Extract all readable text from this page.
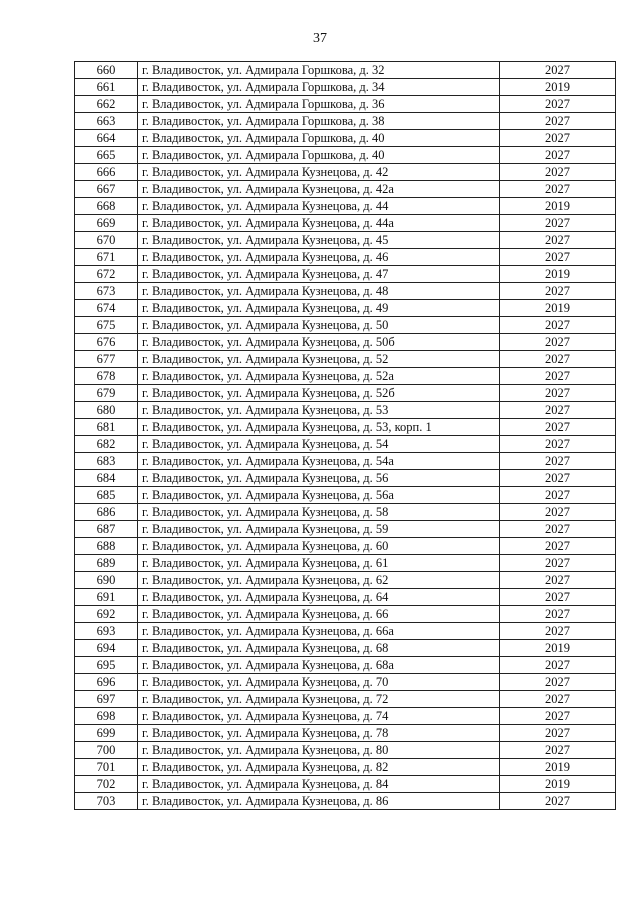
37
660	г. Владивосток, ул. Адмирала Горшкова, д. 32	2027
661	г. Владивосток, ул. Адмирала Горшкова, д. 34	2019
662	г. Владивосток, ул. Адмирала Горшкова, д. 36	2027
663	г. Владивосток, ул. Адмирала Горшкова, д. 38	2027
664	г. Владивосток, ул. Адмирала Горшкова, д. 40	2027
665	г. Владивосток, ул. Адмирала Горшкова, д. 40	2027
666	г. Владивосток, ул. Адмирала Кузнецова, д. 42	2027
667	г. Владивосток, ул. Адмирала Кузнецова, д. 42а	2027
668	г. Владивосток, ул. Адмирала Кузнецова, д. 44	2019
669	г. Владивосток, ул. Адмирала Кузнецова, д. 44а	2027
670	г. Владивосток, ул. Адмирала Кузнецова, д. 45	2027
671	г. Владивосток, ул. Адмирала Кузнецова, д. 46	2027
672	г. Владивосток, ул. Адмирала Кузнецова, д. 47	2019
673	г. Владивосток, ул. Адмирала Кузнецова, д. 48	2027
674	г. Владивосток, ул. Адмирала Кузнецова, д. 49	2019
675	г. Владивосток, ул. Адмирала Кузнецова, д. 50	2027
676	г. Владивосток, ул. Адмирала Кузнецова, д. 50б	2027
677	г. Владивосток, ул. Адмирала Кузнецова, д. 52	2027
678	г. Владивосток, ул. Адмирала Кузнецова, д. 52а	2027
679	г. Владивосток, ул. Адмирала Кузнецова, д. 52б	2027
680	г. Владивосток, ул. Адмирала Кузнецова, д. 53	2027
681	г. Владивосток, ул. Адмирала Кузнецова, д. 53, корп. 1	2027
682	г. Владивосток, ул. Адмирала Кузнецова, д. 54	2027
683	г. Владивосток, ул. Адмирала Кузнецова, д. 54а	2027
684	г. Владивосток, ул. Адмирала Кузнецова, д. 56	2027
685	г. Владивосток, ул. Адмирала Кузнецова, д. 56а	2027
686	г. Владивосток, ул. Адмирала Кузнецова, д. 58	2027
687	г. Владивосток, ул. Адмирала Кузнецова, д. 59	2027
688	г. Владивосток, ул. Адмирала Кузнецова, д. 60	2027
689	г. Владивосток, ул. Адмирала Кузнецова, д. 61	2027
690	г. Владивосток, ул. Адмирала Кузнецова, д. 62	2027
691	г. Владивосток, ул. Адмирала Кузнецова, д. 64	2027
692	г. Владивосток, ул. Адмирала Кузнецова, д. 66	2027
693	г. Владивосток, ул. Адмирала Кузнецова, д. 66а	2027
694	г. Владивосток, ул. Адмирала Кузнецова, д. 68	2019
695	г. Владивосток, ул. Адмирала Кузнецова, д. 68а	2027
696	г. Владивосток, ул. Адмирала Кузнецова, д. 70	2027
697	г. Владивосток, ул. Адмирала Кузнецова, д. 72	2027
698	г. Владивосток, ул. Адмирала Кузнецова, д. 74	2027
699	г. Владивосток, ул. Адмирала Кузнецова, д. 78	2027
700	г. Владивосток, ул. Адмирала Кузнецова, д. 80	2027
701	г. Владивосток, ул. Адмирала Кузнецова, д. 82	2019
702	г. Владивосток, ул. Адмирала Кузнецова, д. 84	2019
703	г. Владивосток, ул. Адмирала Кузнецова, д. 86	2027
